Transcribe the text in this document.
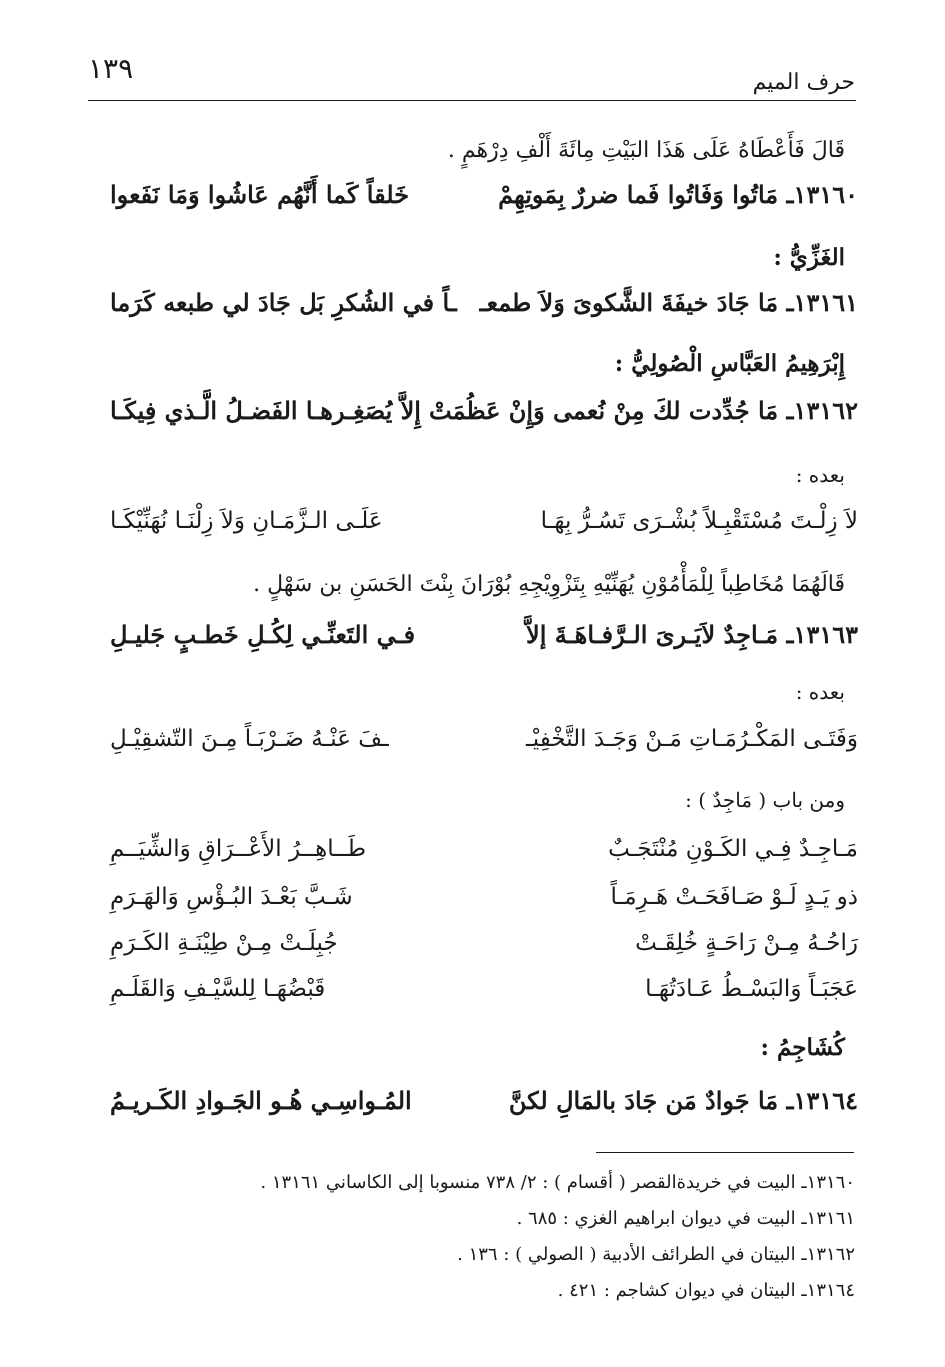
١٣٩	حرف الميم
قَالَ فَأَعْطَاهُ عَلَى هَذَا البَيْتِ مِائَةَ أَلْفِ دِرْهَمٍ .
١٣١٦٠ـ مَاتُوا وَفَاتُوا فَما ضررٌ بِمَوتِهِمْ
خَلقاً كَما أَنَّهُم عَاشُوا وَمَا نَفَعوا
الغَزِّيُّ :
١٣١٦١ـ مَا جَادَ خيفَةَ الشَّكوىَ وَلاَ طمعـ
ـاً في الشُكرِ بَل جَادَ لي طبعه كَرَما
إِبْرَهِيمُ العَبَّاسِ الْصُولِيُّ :
١٣١٦٢ـ مَا جُدِّدت لكَ مِنْ نُعمى وَإِنْ عَظُمَتْ
إِلاَّ يُصَغِـرهـا الفَضـلُ الَّـذي فِيكَـا
بعده :
لاَ زِلْـتَ مُسْتَقْبِـلاً بُشْـرَى تَسُـرُّ بِهَـا
عَلَـى الـزَّمَـانِ وَلاَ زِلْنَـا نُهَنِّيْكَـا
قَالَهُمَا مُخَاطِباً لِلْمَأْمُوْنِ يُهَنِّيْهِ بِتَزْوِيْجِهِ بُوْرَانَ بِنْتَ الحَسَنِ بن سَهْلٍ .
١٣١٦٣ـ مَـاجِدٌ لاَيَـرىَ الـرَّفـاهَـةَ إلاَّ
فـي التَعنِّـي لِكُـلِ خَطـبٍ جَليـلِ
بعده :
وَفَتَـى المَكْـرُمَـاتِ مَـنْ وَجَـدَ التَّخْفِيْـ
ـفَ عَنْـهُ ضَـرْبَـاً مِـنَ التّشقِيْـلِ
ومن باب ( مَاجِدٌ ) :
مَـاجِـدٌ فِـي الكَـوْنِ مُنْتَجَـبٌ
طَــاهِــرُ الأَعْــرَاقِ وَالشِّيَــمِ
ذو يَـدٍ لَـوْ صَـافَحَـتْ هَـرِمَـاً
شَـبَّ بَعْـدَ البُـؤْسِ وَالهَـرَمِ
رَاحُـهُ مِـنْ رَاحَـةٍ خُلِقَـتْ
جُبِلَـتْ مِـنْ طِيْنَـةِ الكَـرَمِ
عَجَبَـاً وَالبَسْـطُ عَـادَتُهَـا
قَبْضُهَـا لِلسَّيْـفِ وَالقَلَـمِ
كُشَاجِمُ :
١٣١٦٤ـ مَا جَوادٌ مَن جَادَ بالمَالِ لكنَّ
المُـواسِـي هُـو الجَـوادِ الكَـريـمُ
١٣١٦٠ـ البيت في خريدةالقصر ( أقسام ) : ٢/ ٧٣٨ منسوبا إلى الكاساني ١٣١٦١ .
١٣١٦١ـ البيت في ديوان ابراهيم الغزي : ٦٨٥ .
١٣١٦٢ـ البيتان في الطرائف الأدبية ( الصولي ) : ١٣٦ .
١٣١٦٤ـ البيتان في ديوان كشاجم : ٤٢١ .
